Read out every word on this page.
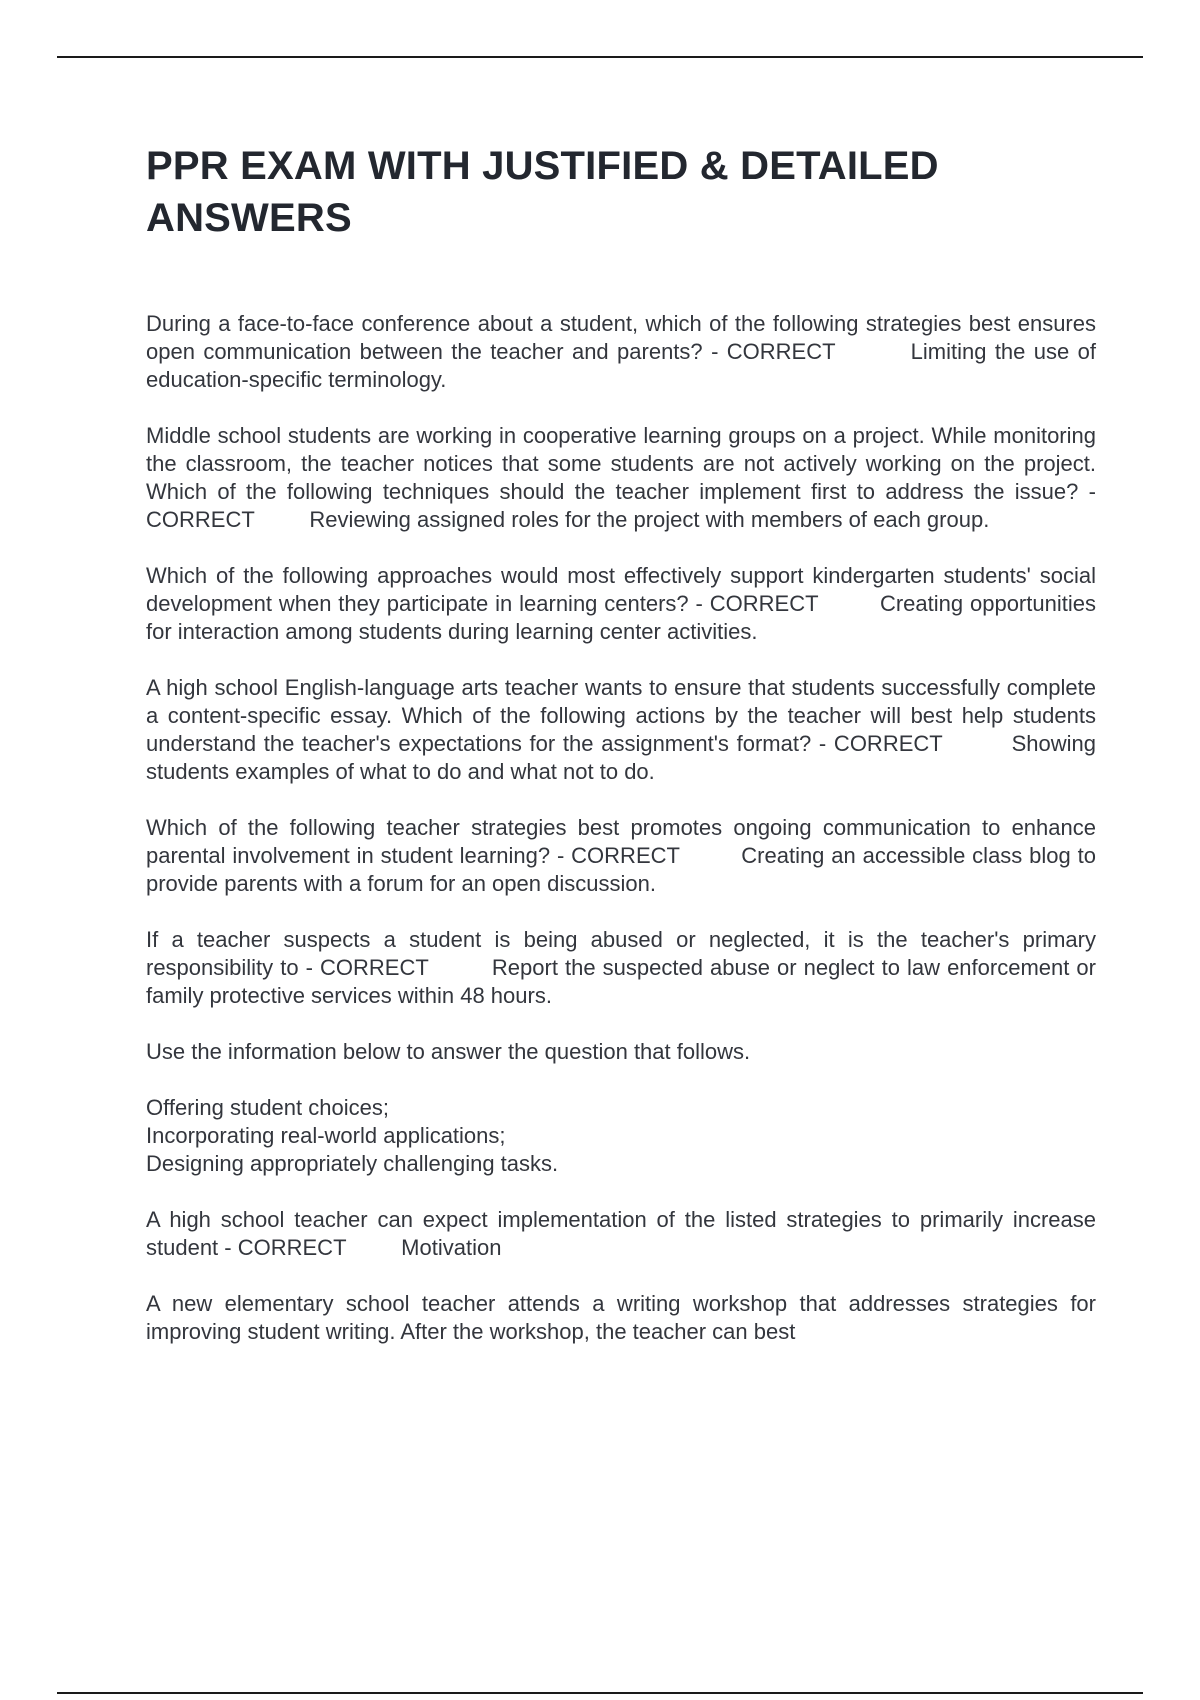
PPR EXAM WITH JUSTIFIED & DETAILED ANSWERS

During a face-to-face conference about a student, which of the following strategies best ensures open communication between the teacher and parents? - CORRECT	Limiting the use of education-specific terminology.

Middle school students are working in cooperative learning groups on a project. While monitoring the classroom, the teacher notices that some students are not actively working on the project. Which of the following techniques should the teacher implement first to address the issue? - CORRECT	Reviewing assigned roles for the project with members of each group.

Which of the following approaches would most effectively support kindergarten students' social development when they participate in learning centers? - CORRECT	Creating opportunities for interaction among students during learning center activities.

A high school English-language arts teacher wants to ensure that students successfully complete a content-specific essay. Which of the following actions by the teacher will best help students understand the teacher's expectations for the assignment's format? - CORRECT	Showing students examples of what to do and what not to do.

Which of the following teacher strategies best promotes ongoing communication to enhance parental involvement in student learning? - CORRECT	Creating an accessible class blog to provide parents with a forum for an open discussion.

If a teacher suspects a student is being abused or neglected, it is the teacher's primary responsibility to - CORRECT	Report the suspected abuse or neglect to law enforcement or family protective services within 48 hours.

Use the information below to answer the question that follows.

Offering student choices;
Incorporating real-world applications;
Designing appropriately challenging tasks.

A high school teacher can expect implementation of the listed strategies to primarily increase student - CORRECT	Motivation

A new elementary school teacher attends a writing workshop that addresses strategies for improving student writing. After the workshop, the teacher can best
